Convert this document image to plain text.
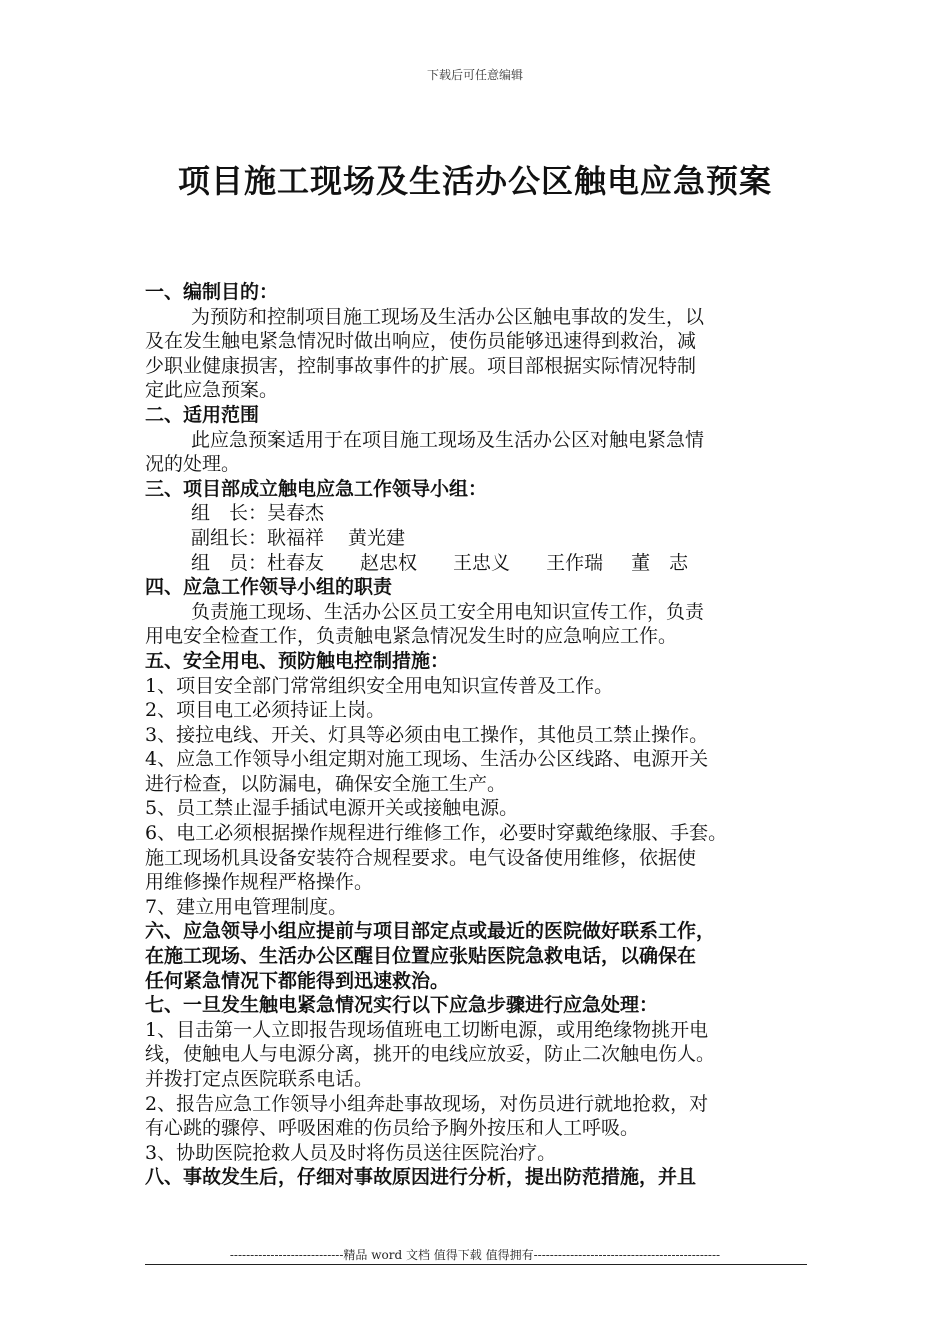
下载后可任意编辑
项目施工现场及生活办公区触电应急预案
一、编制目的：
为预防和控制项目施工现场及生活办公区触电事故的发生，以
及在发生触电紧急情况时做出响应，使伤员能够迅速得到救治，减
少职业健康损害，控制事故事件的扩展。项目部根据实际情况特制
定此应急预案。
二、适用范围
此应急预案适用于在项目施工现场及生活办公区对触电紧急情
况的处理。
三、项目部成立触电应急工作领导小组：
组　长：吴春杰
副组长：耿福祥 黄光建
组　员：杜春友 赵忠权 王忠义 王作瑞 董　志
四、应急工作领导小组的职责
负责施工现场、生活办公区员工安全用电知识宣传工作，负责
用电安全检查工作，负责触电紧急情况发生时的应急响应工作。
五、安全用电、预防触电控制措施：
1、项目安全部门常常组织安全用电知识宣传普及工作。
2、项目电工必须持证上岗。
3、接拉电线、开关、灯具等必须由电工操作，其他员工禁止操作。
4、应急工作领导小组定期对施工现场、生活办公区线路、电源开关
进行检查，以防漏电，确保安全施工生产。
5、员工禁止湿手插试电源开关或接触电源。
6、电工必须根据操作规程进行维修工作，必要时穿戴绝缘服、手套。
施工现场机具设备安装符合规程要求。电气设备使用维修，依据使
用维修操作规程严格操作。
7、建立用电管理制度。
六、应急领导小组应提前与项目部定点或最近的医院做好联系工作，
在施工现场、生活办公区醒目位置应张贴医院急救电话，以确保在
任何紧急情况下都能得到迅速救治。
七、一旦发生触电紧急情况实行以下应急步骤进行应急处理：
1、目击第一人立即报告现场值班电工切断电源，或用绝缘物挑开电
线，使触电人与电源分离，挑开的电线应放妥，防止二次触电伤人。
并拨打定点医院联系电话。
2、报告应急工作领导小组奔赴事故现场，对伤员进行就地抢救，对
有心跳的骤停、呼吸困难的伤员给予胸外按压和人工呼吸。
3、协助医院抢救人员及时将伤员送往医院治疗。
八、事故发生后，仔细对事故原因进行分析，提出防范措施，并且
----------------------------精品 word 文档 值得下载 值得拥有----------------------------------------------
